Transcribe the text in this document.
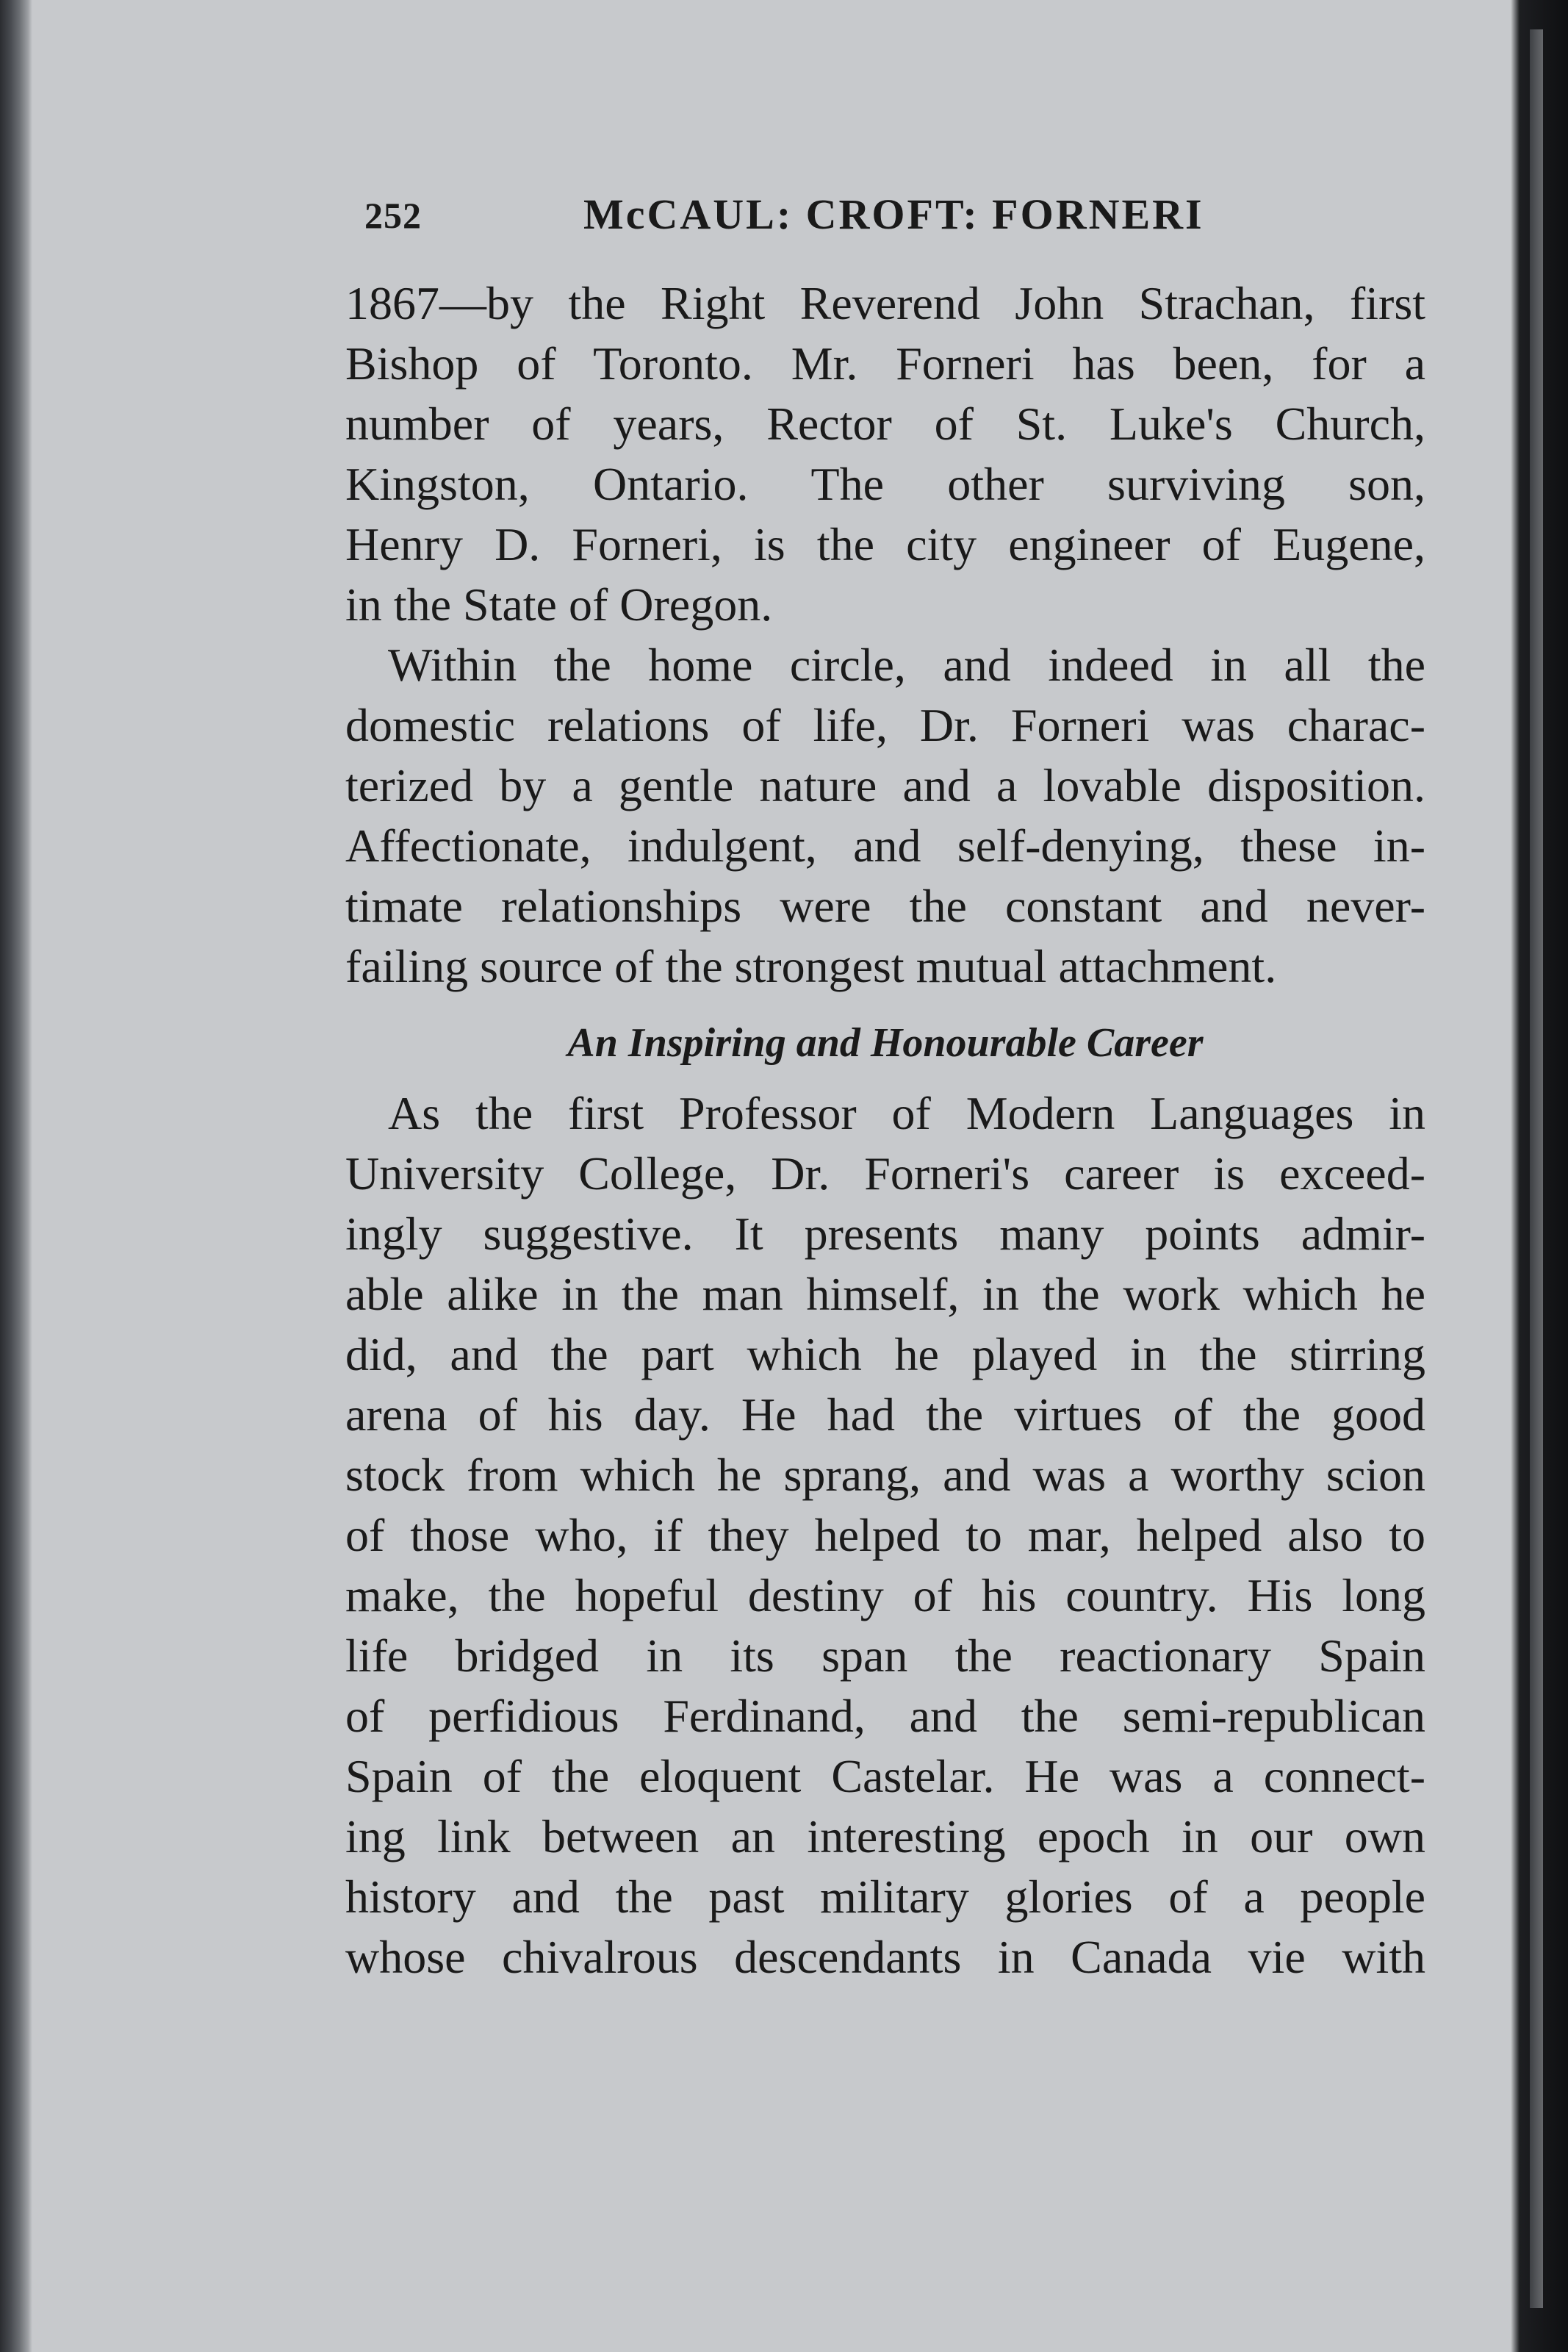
252	McCAUL: CROFT: FORNERI
1867—by the Right Reverend John Strachan, first
Bishop of Toronto. Mr. Forneri has been, for a
number of years, Rector of St. Luke's Church,
Kingston, Ontario. The other surviving son,
Henry D. Forneri, is the city engineer of Eugene,
in the State of Oregon.
Within the home circle, and indeed in all the
domestic relations of life, Dr. Forneri was charac-
terized by a gentle nature and a lovable disposition.
Affectionate, indulgent, and self-denying, these in-
timate relationships were the constant and never-
failing source of the strongest mutual attachment.
An Inspiring and Honourable Career
As the first Professor of Modern Languages in
University College, Dr. Forneri's career is exceed-
ingly suggestive. It presents many points admir-
able alike in the man himself, in the work which he
did, and the part which he played in the stirring
arena of his day. He had the virtues of the good
stock from which he sprang, and was a worthy scion
of those who, if they helped to mar, helped also to
make, the hopeful destiny of his country. His long
life bridged in its span the reactionary Spain
of perfidious Ferdinand, and the semi-republican
Spain of the eloquent Castelar. He was a connect-
ing link between an interesting epoch in our own
history and the past military glories of a people
whose chivalrous descendants in Canada vie with
